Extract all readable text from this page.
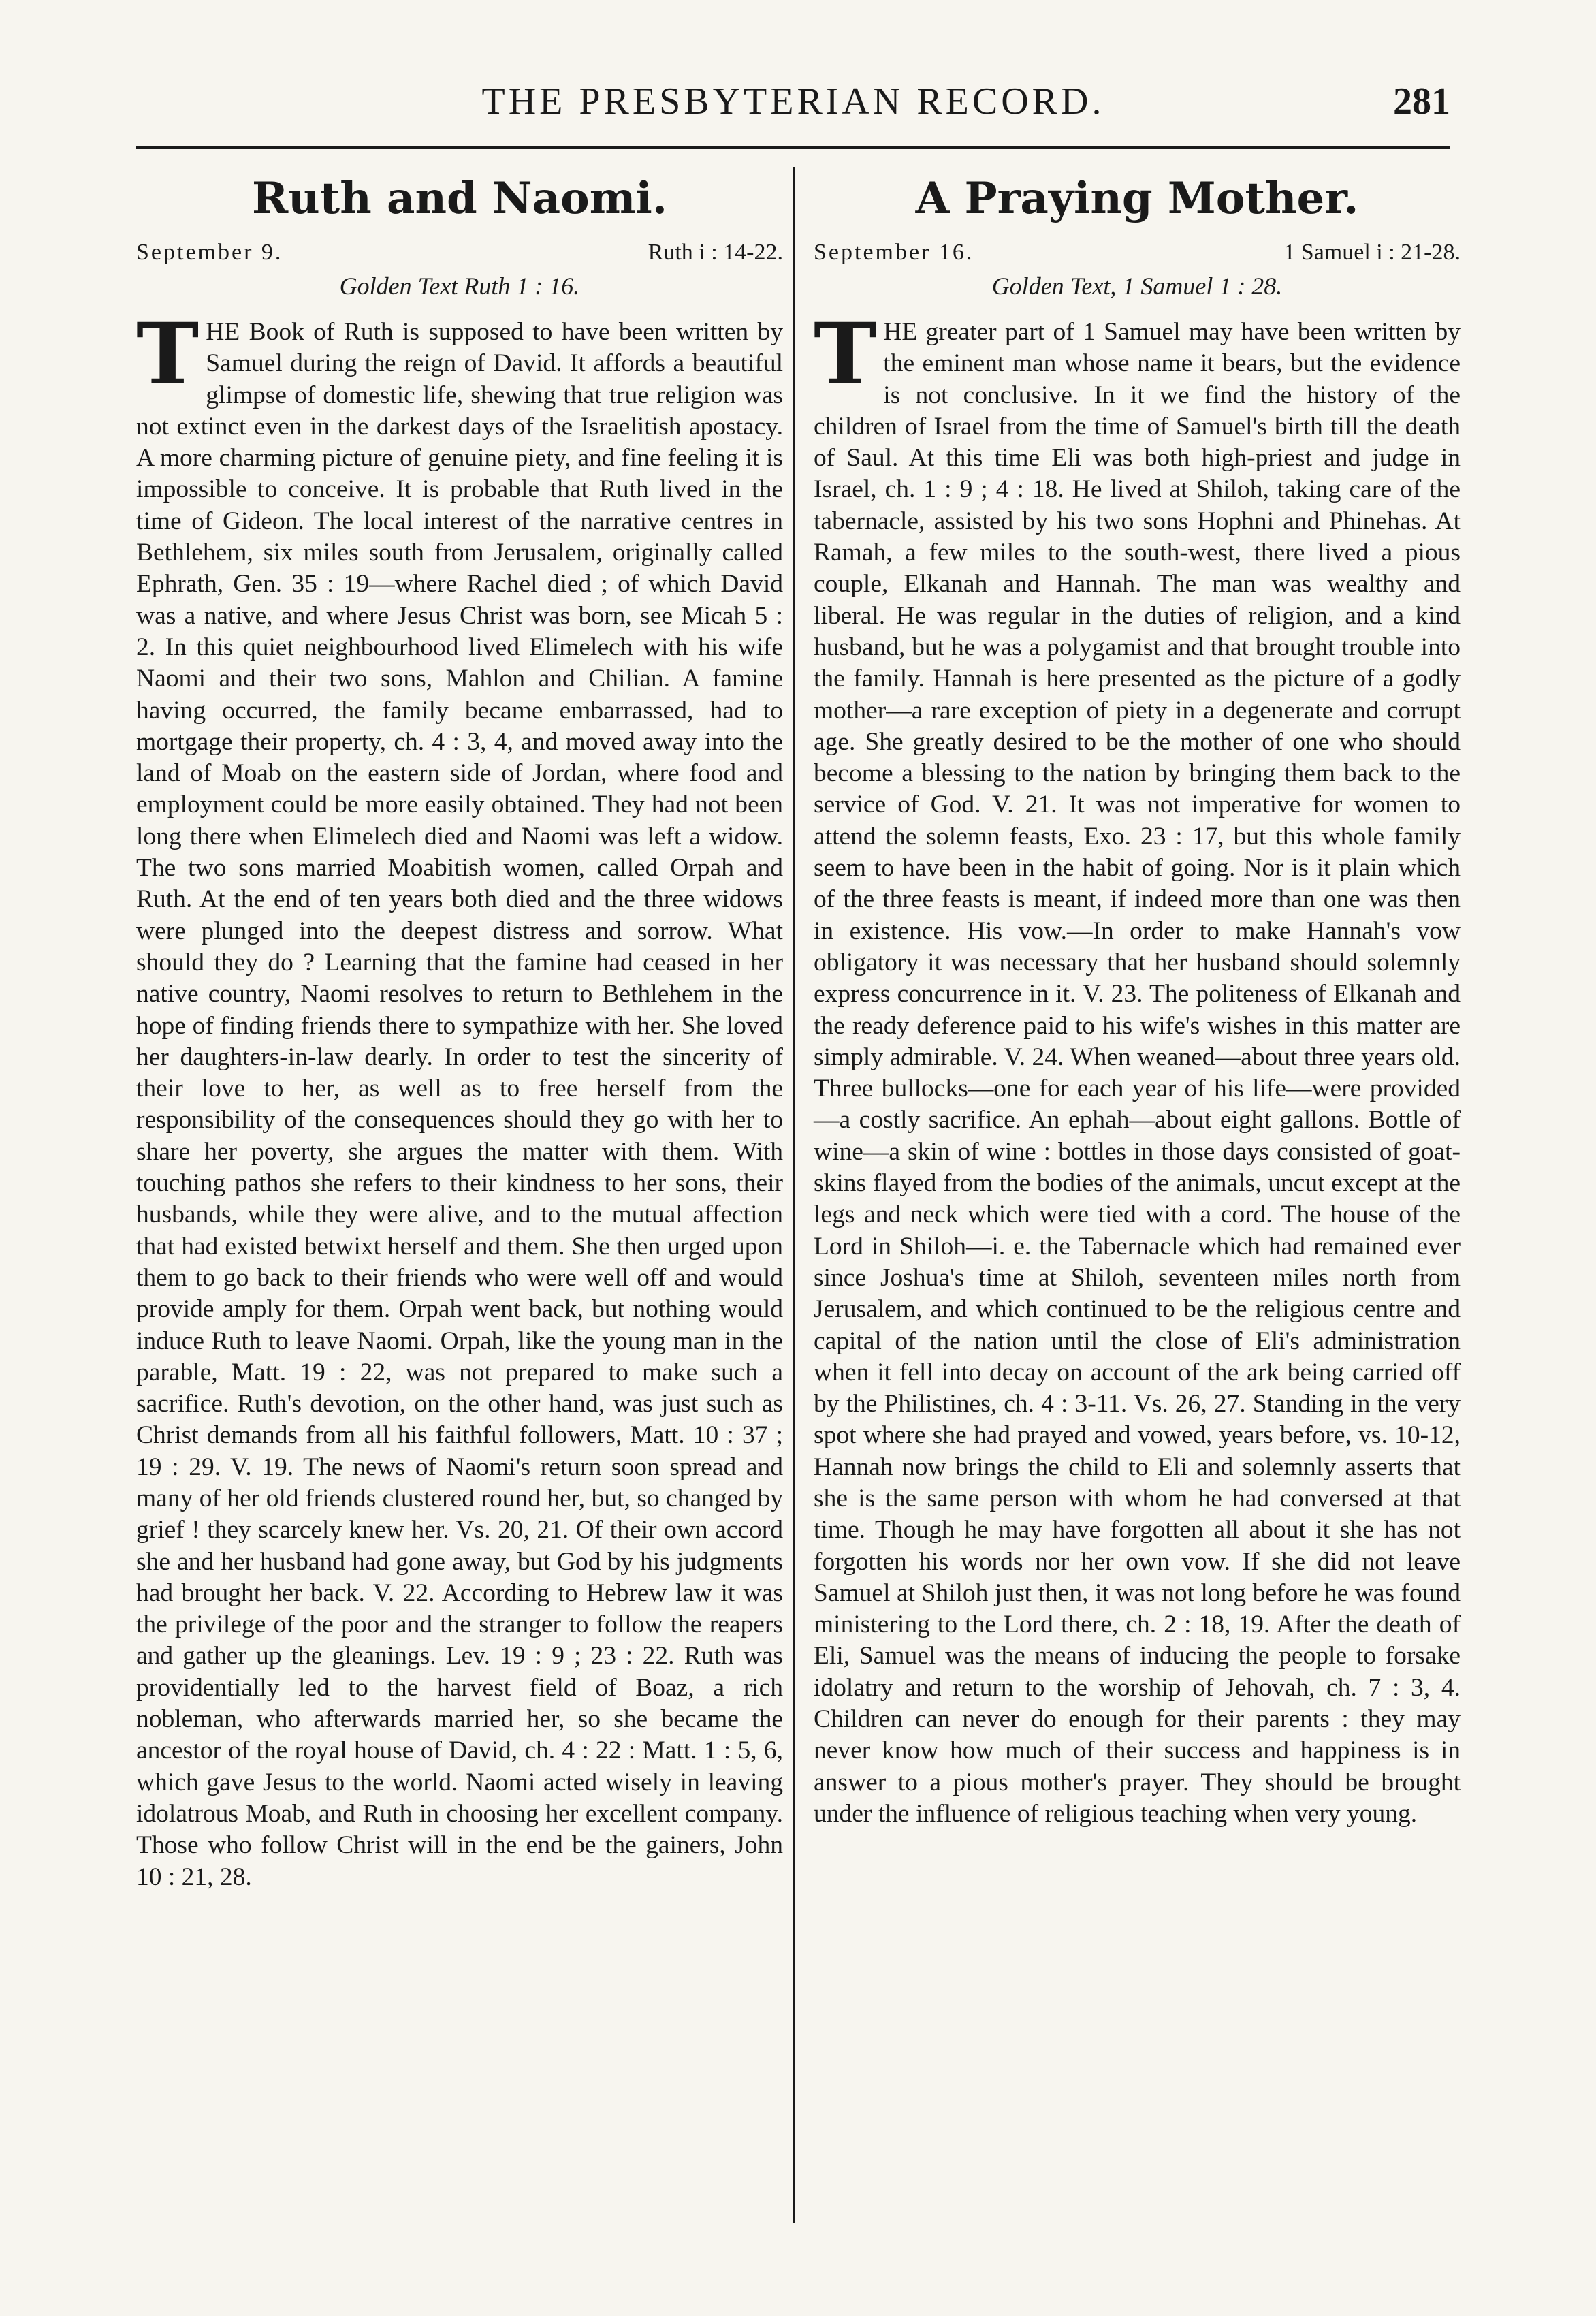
THE PRESBYTERIAN RECORD.	281
Ruth and Naomi.
September 9.	Ruth i : 14-22.
Golden Text Ruth 1 : 16.

THE Book of Ruth is supposed to have been written by Samuel during the reign of David. It affords a beautiful glimpse of domestic life, shewing that true religion was not extinct even in the darkest days of the Israelitish apostacy. A more charming picture of genuine piety, and fine feeling it is impossible to conceive. It is probable that Ruth lived in the time of Gideon. The local interest of the narrative centres in Bethlehem, six miles south from Jerusalem, originally called Ephrath, Gen. 35 : 19—where Rachel died ; of which David was a native, and where Jesus Christ was born, see Micah 5 : 2. In this quiet neighbourhood lived Elimelech with his wife Naomi and their two sons, Mahlon and Chilian. A famine having occurred, the family became embarrassed, had to mortgage their property, ch. 4 : 3, 4, and moved away into the land of Moab on the eastern side of Jordan, where food and employment could be more easily obtained. They had not been long there when Elimelech died and Naomi was left a widow. The two sons married Moabitish women, called Orpah and Ruth. At the end of ten years both died and the three widows were plunged into the deepest distress and sorrow. What should they do ? Learning that the famine had ceased in her native country, Naomi resolves to return to Bethlehem in the hope of finding friends there to sympathize with her. She loved her daughters-in-law dearly. In order to test the sincerity of their love to her, as well as to free herself from the responsibility of the consequences should they go with her to share her poverty, she argues the matter with them. With touching pathos she refers to their kindness to her sons, their husbands, while they were alive, and to the mutual affection that had existed betwixt herself and them. She then urged upon them to go back to their friends who were well off and would provide amply for them. Orpah went back, but nothing would induce Ruth to leave Naomi. Orpah, like the young man in the parable, Matt. 19 : 22, was not prepared to make such a sacrifice. Ruth's devotion, on the other hand, was just such as Christ demands from all his faithful followers, Matt. 10 : 37 ; 19 : 29. V. 19. The news of Naomi's return soon spread and many of her old friends clustered round her, but, so changed by grief ! they scarcely knew her. Vs. 20, 21. Of their own accord she and her husband had gone away, but God by his judgments had brought her back. V. 22. According to Hebrew law it was the privilege of the poor and the stranger to follow the reapers and gather up the gleanings. Lev. 19 : 9 ; 23 : 22. Ruth was providentially led to the harvest field of Boaz, a rich nobleman, who afterwards married her, so she became the ancestor of the royal house of David, ch. 4 : 22 : Matt. 1 : 5, 6, which gave Jesus to the world. Naomi acted wisely in leaving idolatrous Moab, and Ruth in choosing her excellent company. Those who follow Christ will in the end be the gainers, John 10 : 21, 28.

A Praying Mother.
September 16.	1 Samuel i : 21-28.
Golden Text, 1 Samuel 1 : 28.

THE greater part of 1 Samuel may have been written by the eminent man whose name it bears, but the evidence is not conclusive. In it we find the history of the children of Israel from the time of Samuel's birth till the death of Saul. At this time Eli was both high-priest and judge in Israel, ch. 1 : 9 ; 4 : 18. He lived at Shiloh, taking care of the tabernacle, assisted by his two sons Hophni and Phinehas. At Ramah, a few miles to the south-west, there lived a pious couple, Elkanah and Hannah. The man was wealthy and liberal. He was regular in the duties of religion, and a kind husband, but he was a polygamist and that brought trouble into the family. Hannah is here presented as the picture of a godly mother—a rare exception of piety in a degenerate and corrupt age. She greatly desired to be the mother of one who should become a blessing to the nation by bringing them back to the service of God. V. 21. It was not imperative for women to attend the solemn feasts, Exo. 23 : 17, but this whole family seem to have been in the habit of going. Nor is it plain which of the three feasts is meant, if indeed more than one was then in existence. His vow.—In order to make Hannah's vow obligatory it was necessary that her husband should solemnly express concurrence in it. V. 23. The politeness of Elkanah and the ready deference paid to his wife's wishes in this matter are simply admirable. V. 24. When weaned—about three years old. Three bullocks—one for each year of his life—were provided—a costly sacrifice. An ephah—about eight gallons. Bottle of wine—a skin of wine : bottles in those days consisted of goat-skins flayed from the bodies of the animals, uncut except at the legs and neck which were tied with a cord. The house of the Lord in Shiloh—i. e. the Tabernacle which had remained ever since Joshua's time at Shiloh, seventeen miles north from Jerusalem, and which continued to be the religious centre and capital of the nation until the close of Eli's administration when it fell into decay on account of the ark being carried off by the Philistines, ch. 4 : 3-11. Vs. 26, 27. Standing in the very spot where she had prayed and vowed, years before, vs. 10-12, Hannah now brings the child to Eli and solemnly asserts that she is the same person with whom he had conversed at that time. Though he may have forgotten all about it she has not forgotten his words nor her own vow. If she did not leave Samuel at Shiloh just then, it was not long before he was found ministering to the Lord there, ch. 2 : 18, 19. After the death of Eli, Samuel was the means of inducing the people to forsake idolatry and return to the worship of Jehovah, ch. 7 : 3, 4. Children can never do enough for their parents : they may never know how much of their success and happiness is in answer to a pious mother's prayer. They should be brought under the influence of religious teaching when very young.
